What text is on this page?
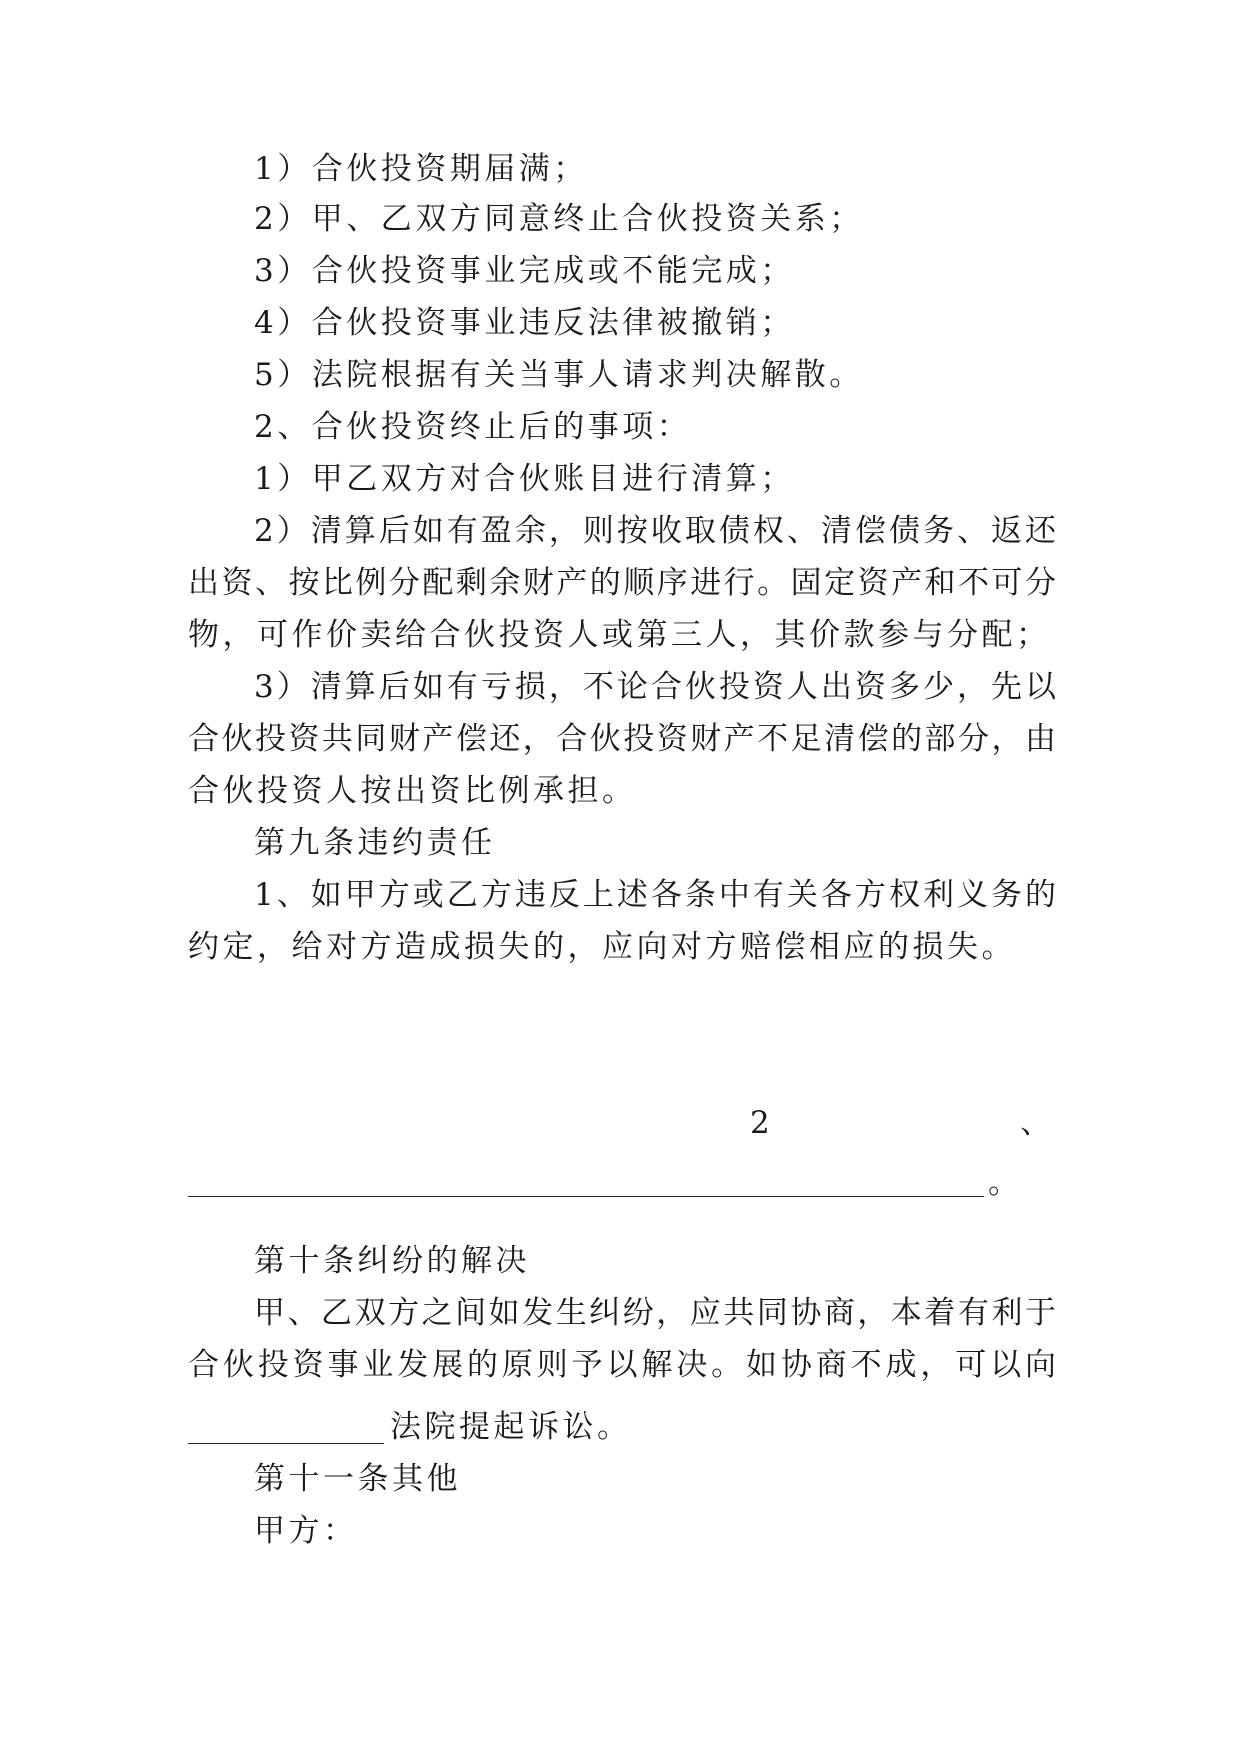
1）合伙投资期届满；
2）甲、乙双方同意终止合伙投资关系；
3）合伙投资事业完成或不能完成；
4）合伙投资事业违反法律被撤销；
5）法院根据有关当事人请求判决解散。
2、合伙投资终止后的事项：
1）甲乙双方对合伙账目进行清算；
2）清算后如有盈余，则按收取债权、清偿债务、返还
出资、按比例分配剩余财产的顺序进行。固定资产和不可分
物，可作价卖给合伙投资人或第三人，其价款参与分配；
3）清算后如有亏损，不论合伙投资人出资多少，先以
合伙投资共同财产偿还，合伙投资财产不足清偿的部分，由
合伙投资人按出资比例承担。
第九条违约责任
1、如甲方或乙方违反上述各条中有关各方权利义务的
约定，给对方造成损失的，应向对方赔偿相应的损失。
2	、
。
第十条纠纷的解决
甲、乙双方之间如发生纠纷，应共同协商，本着有利于
合伙投资事业发展的原则予以解决。如协商不成，可以向
法院提起诉讼。
第十一条其他
甲方：
